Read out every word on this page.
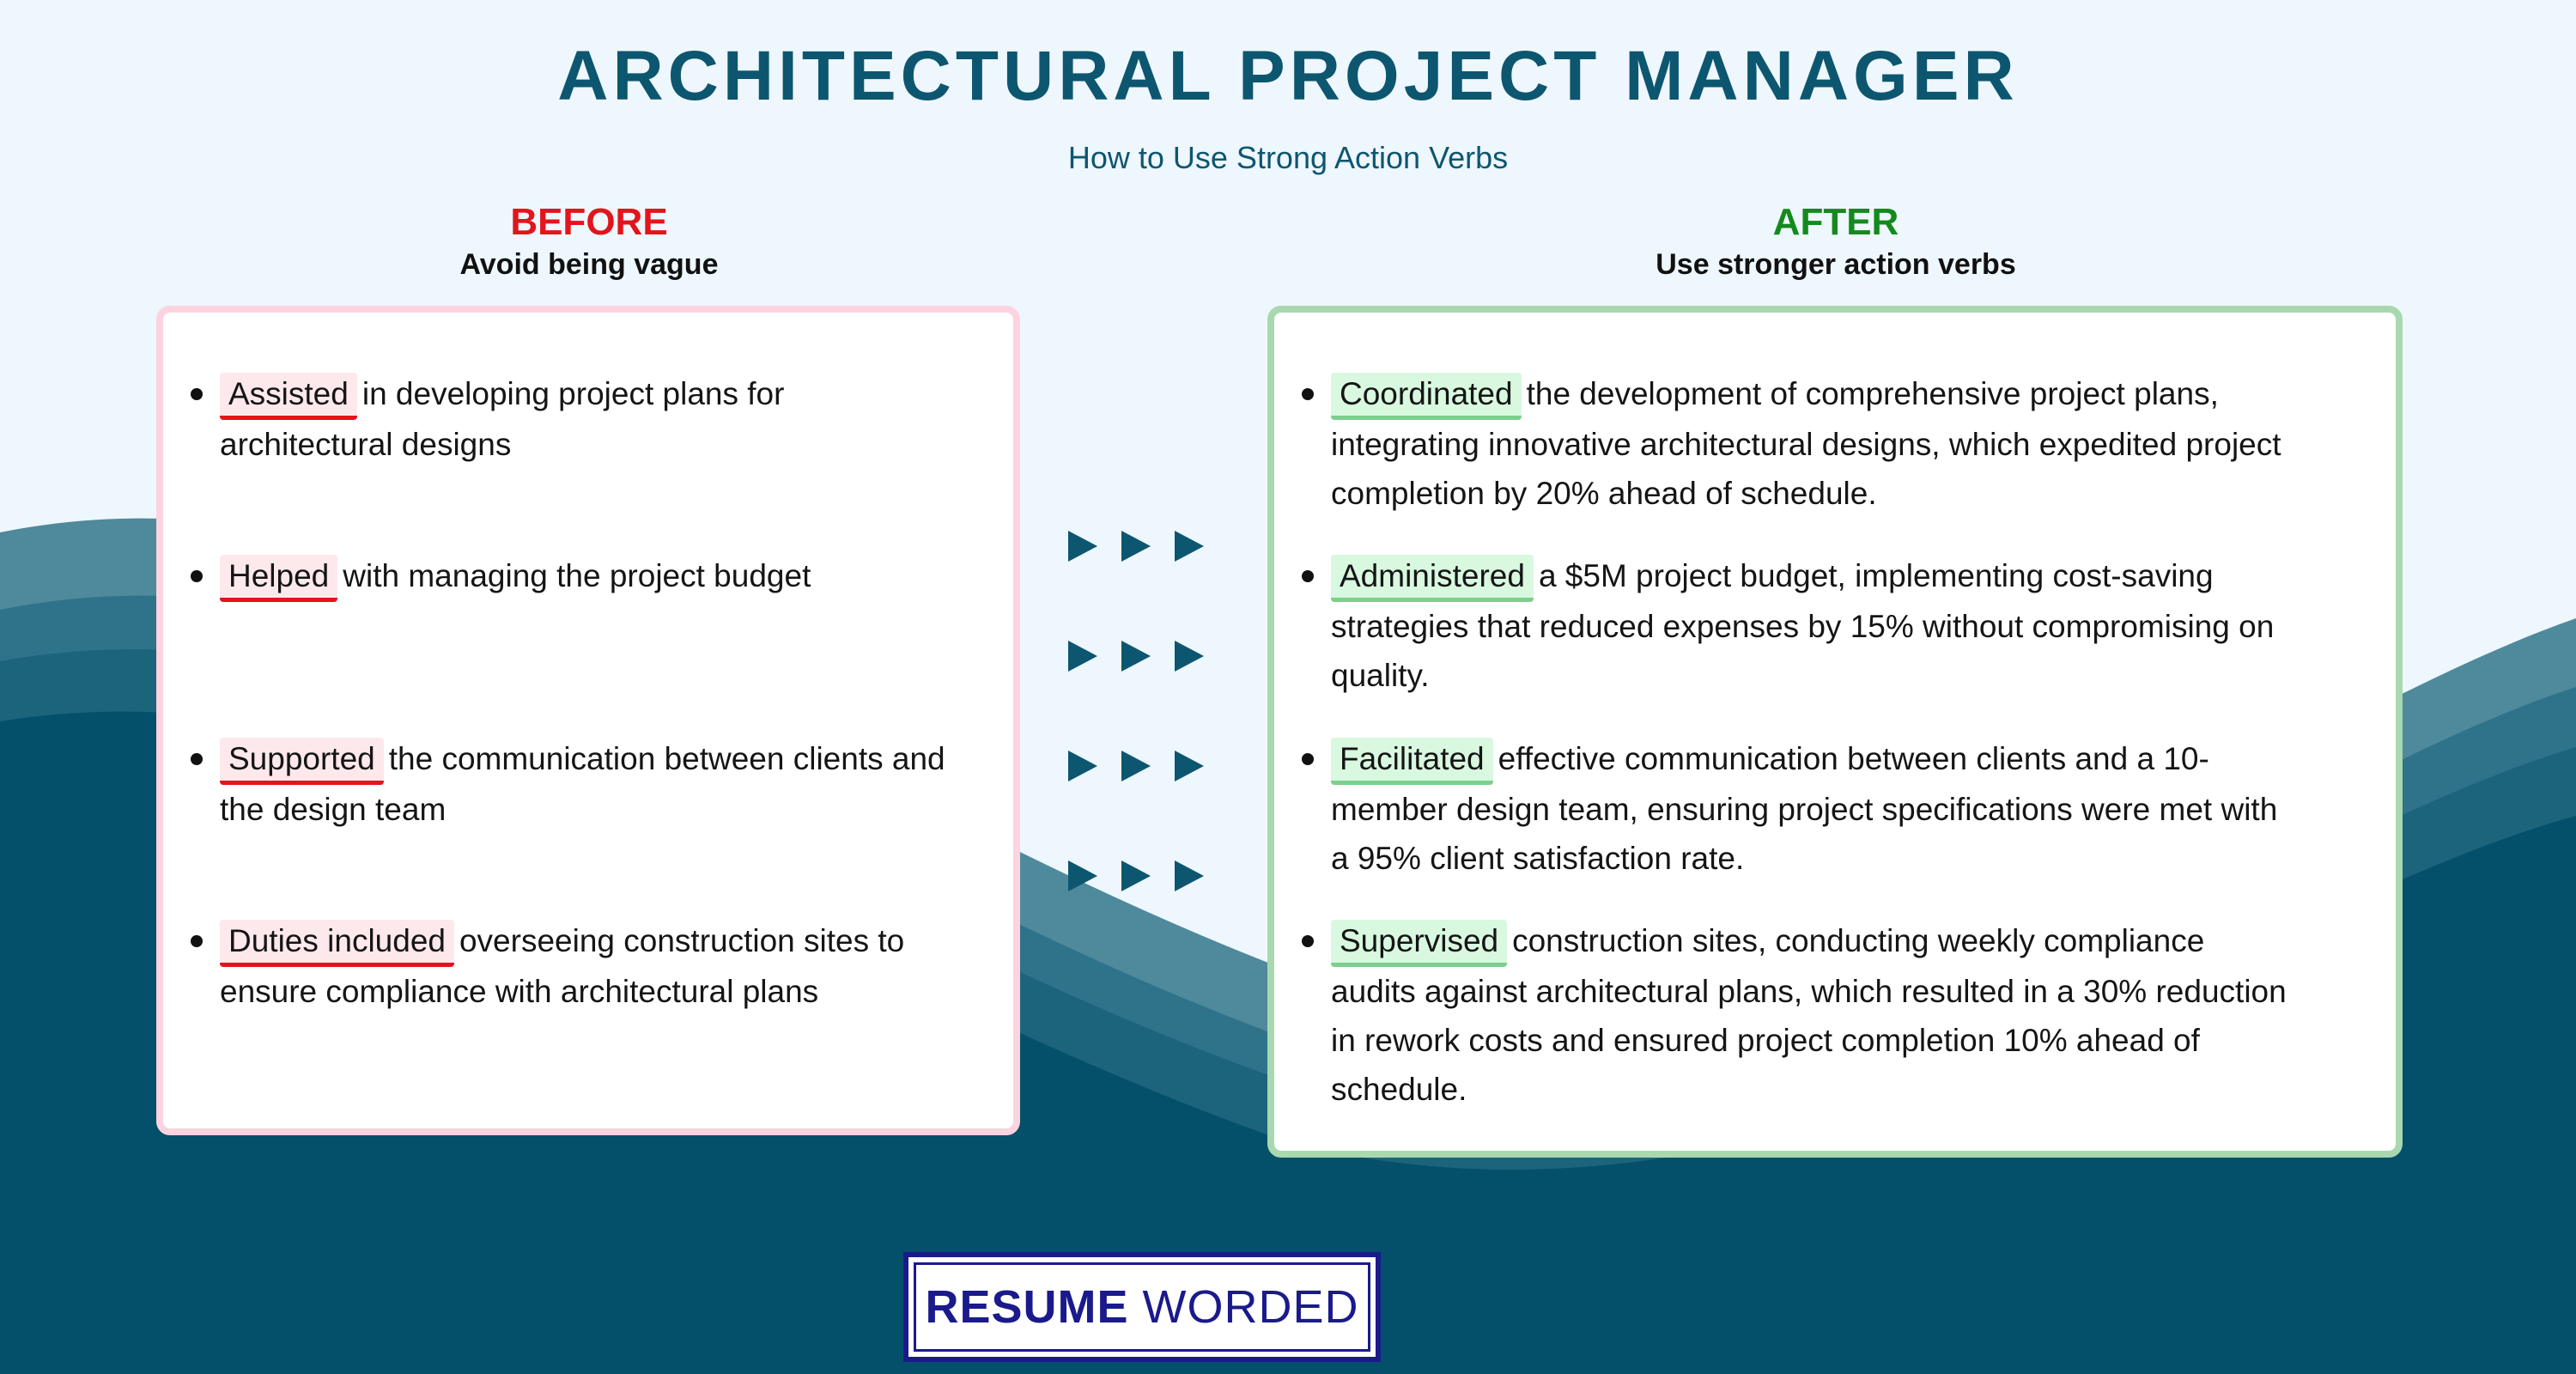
ARCHITECTURAL PROJECT MANAGER
How to Use Strong Action Verbs
BEFORE
Avoid being vague
AFTER
Use stronger action verbs
Assisted in developing project plans for
architectural designs
Helped with managing the project budget
Supported the communication between clients and
the design team
Duties included overseeing construction sites to
ensure compliance with architectural plans
Coordinated the development of comprehensive project plans,
integrating innovative architectural designs, which expedited project
completion by 20% ahead of schedule.
Administered a $5M project budget, implementing cost-saving
strategies that reduced expenses by 15% without compromising on
quality.
Facilitated effective communication between clients and a 10-
member design team, ensuring project specifications were met with
a 95% client satisfaction rate.
Supervised construction sites, conducting weekly compliance
audits against architectural plans, which resulted in a 30% reduction
in rework costs and ensured project completion 10% ahead of
schedule.
RESUME WORDED
